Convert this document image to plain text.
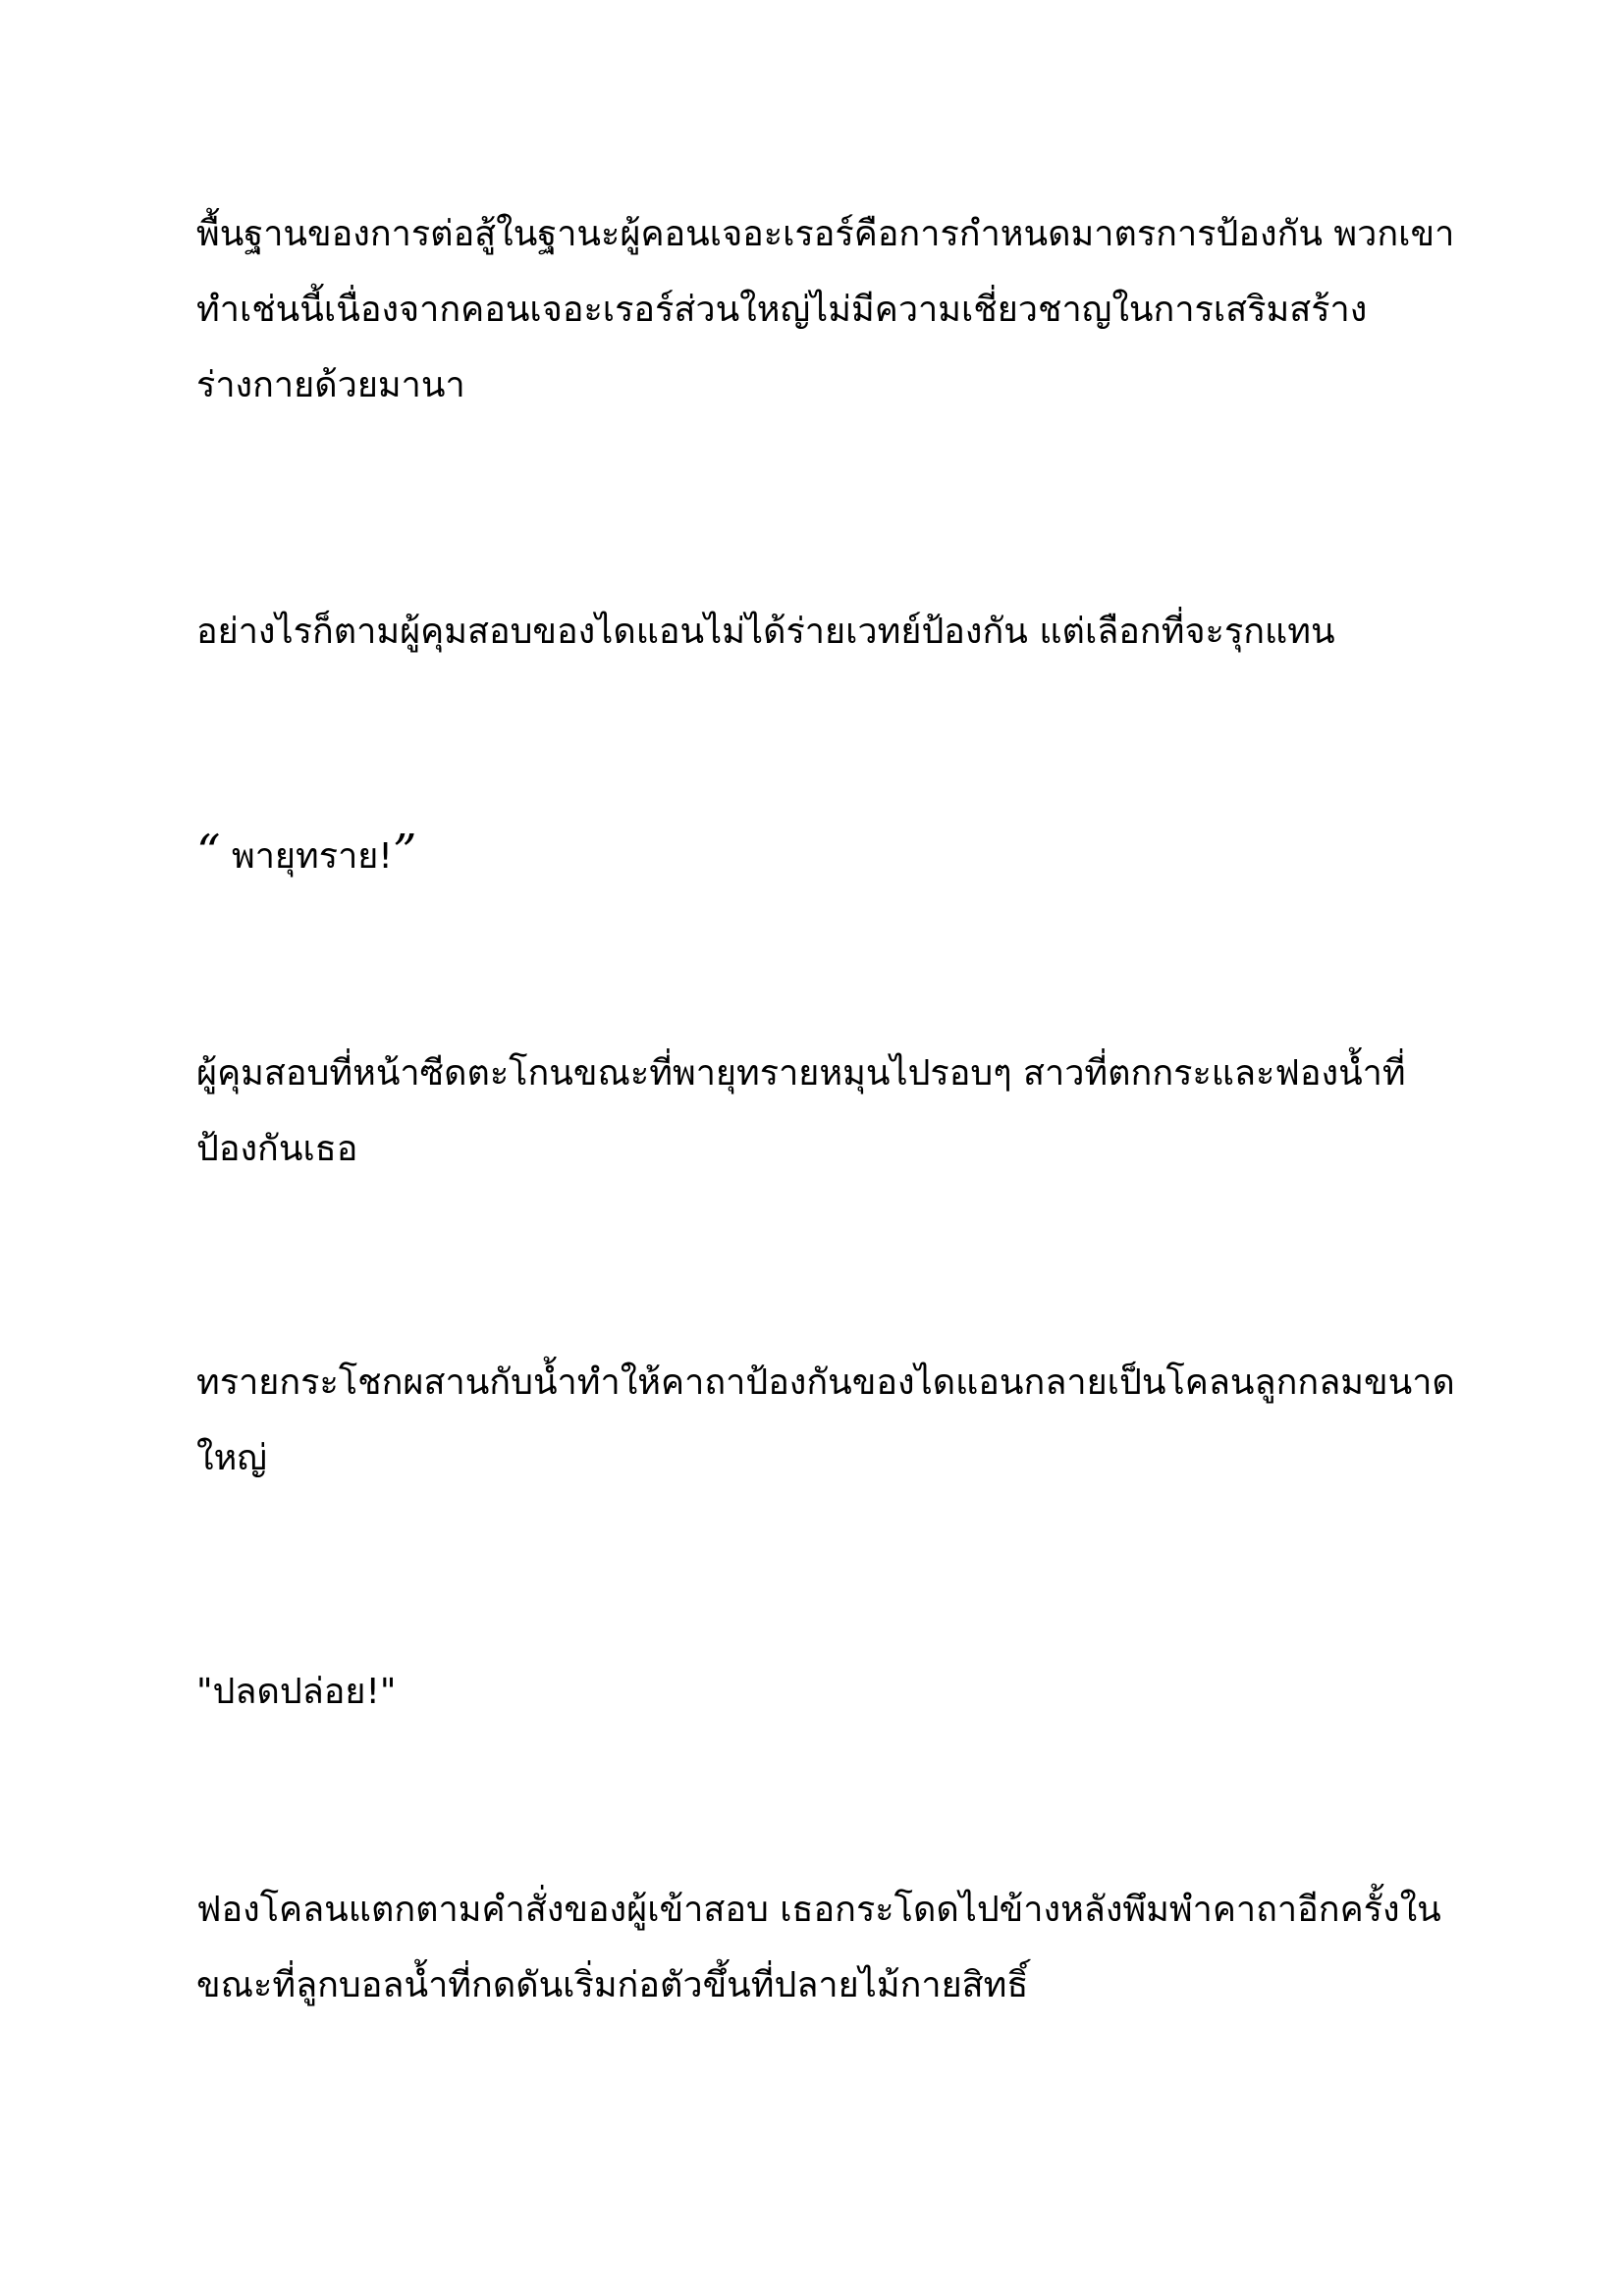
พื้นฐานของการต่อสู้ในฐานะผู้คอนเจอะเรอร์คือการกำหนดมาตรการป้องกัน พวกเขา
ทำเช่นนี้เนื่องจากคอนเจอะเรอร์ส่วนใหญ่ไม่มีความเชี่ยวชาญในการเสริมสร้าง
ร่างกายด้วยมานา

อย่างไรก็ตามผู้คุมสอบของไดแอนไม่ได้ร่ายเวทย์ป้องกัน แต่เลือกที่จะรุกแทน

“ พายุทราย!”

ผู้คุมสอบที่หน้าซีดตะโกนขณะที่พายุทรายหมุนไปรอบๆ สาวที่ตกกระและฟองน้ำที่
ป้องกันเธอ

ทรายกระโชกผสานกับน้ำทำให้คาถาป้องกันของไดแอนกลายเป็นโคลนลูกกลมขนาด
ใหญ่

"ปลดปล่อย!"

ฟองโคลนแตกตามคำสั่งของผู้เข้าสอบ เธอกระโดดไปข้างหลังพึมพำคาถาอีกครั้งใน
ขณะที่ลูกบอลน้ำที่กดดันเริ่มก่อตัวขึ้นที่ปลายไม้กายสิทธิ์
